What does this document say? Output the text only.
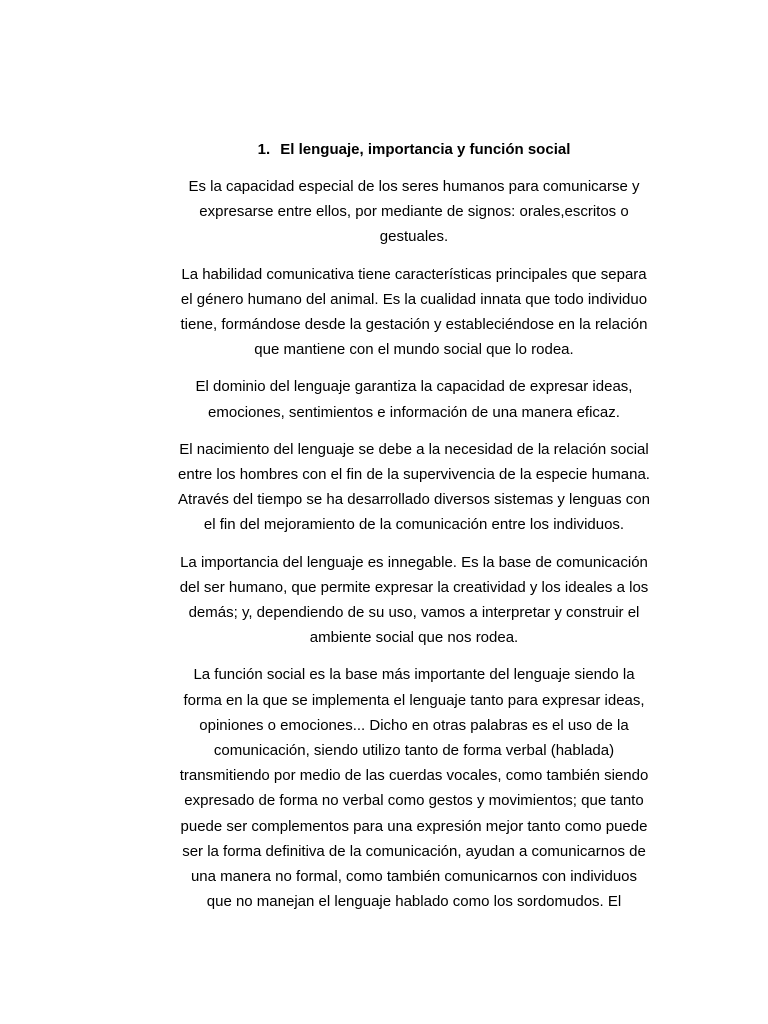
1. El lenguaje, importancia y función social

Es la capacidad especial de los seres humanos para comunicarse y
expresarse entre ellos, por mediante de signos: orales,escritos o
gestuales.

La habilidad comunicativa tiene características principales que separa
el género humano del animal. Es la cualidad innata que todo individuo
tiene, formándose desde la gestación y estableciéndose en la relación
que mantiene con el mundo social que lo rodea.

El dominio del lenguaje garantiza la capacidad de expresar ideas,
emociones, sentimientos e información de una manera eficaz.

El nacimiento del lenguaje se debe a la necesidad de la relación social
entre los hombres con el fin de la supervivencia de la especie humana.
Através del tiempo se ha desarrollado diversos sistemas y lenguas con
el fin del mejoramiento de la comunicación entre los individuos.

La importancia del lenguaje es innegable. Es la base de comunicación
del ser humano, que permite expresar la creatividad y los ideales a los
demás; y, dependiendo de su uso, vamos a interpretar y construir el
ambiente social que nos rodea.

La función social es la base más importante del lenguaje siendo la
forma en la que se implementa el lenguaje tanto para expresar ideas,
opiniones o emociones... Dicho en otras palabras es el uso de la
comunicación, siendo utilizo tanto de forma verbal (hablada)
transmitiendo por medio de las cuerdas vocales, como también siendo
expresado de forma no verbal como gestos y movimientos; que tanto
puede ser complementos para una expresión mejor tanto como puede
ser la forma definitiva de la comunicación, ayudan a comunicarnos de
una manera no formal, como también comunicarnos con individuos
que no manejan el lenguaje hablado como los sordomudos. El
